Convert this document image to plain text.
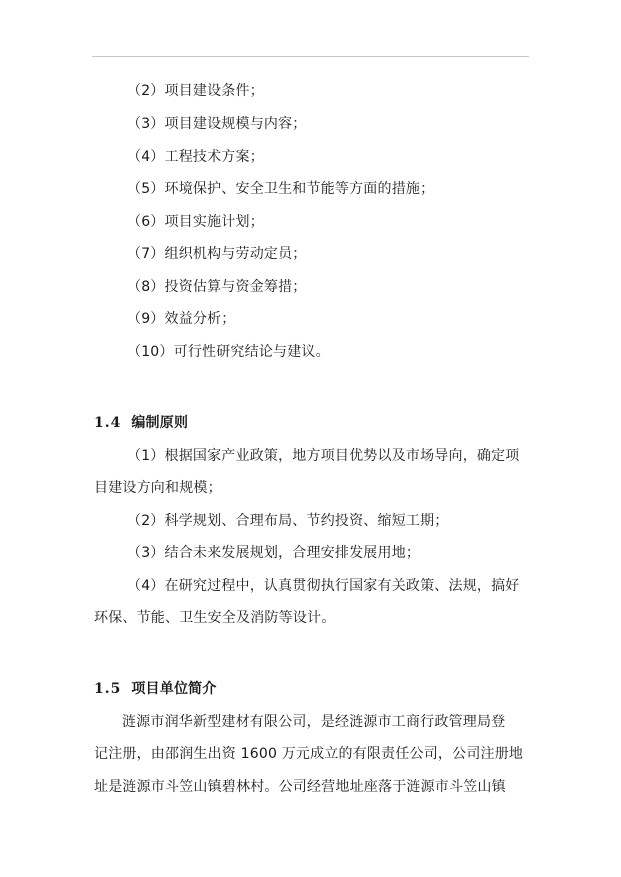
（2）项目建设条件；
（3）项目建设规模与内容；
（4）工程技术方案；
（5）环境保护、安全卫生和节能等方面的措施；
（6）项目实施计划；
（7）组织机构与劳动定员；
（8）投资估算与资金筹措；
（9）效益分析；
（10）可行性研究结论与建议。
1.4 编制原则
（1）根据国家产业政策，地方项目优势以及市场导向，确定项
目建设方向和规模；
（2）科学规划、合理布局、节约投资、缩短工期；
（3）结合未来发展规划，合理安排发展用地；
（4）在研究过程中，认真贯彻执行国家有关政策、法规，搞好
环保、节能、卫生安全及消防等设计。
1.5 项目单位简介
涟源市润华新型建材有限公司，是经涟源市工商行政管理局登
记注册，由邵润生出资 1600 万元成立的有限责任公司，公司注册地
址是涟源市斗笠山镇碧林村。公司经营地址座落于涟源市斗笠山镇
